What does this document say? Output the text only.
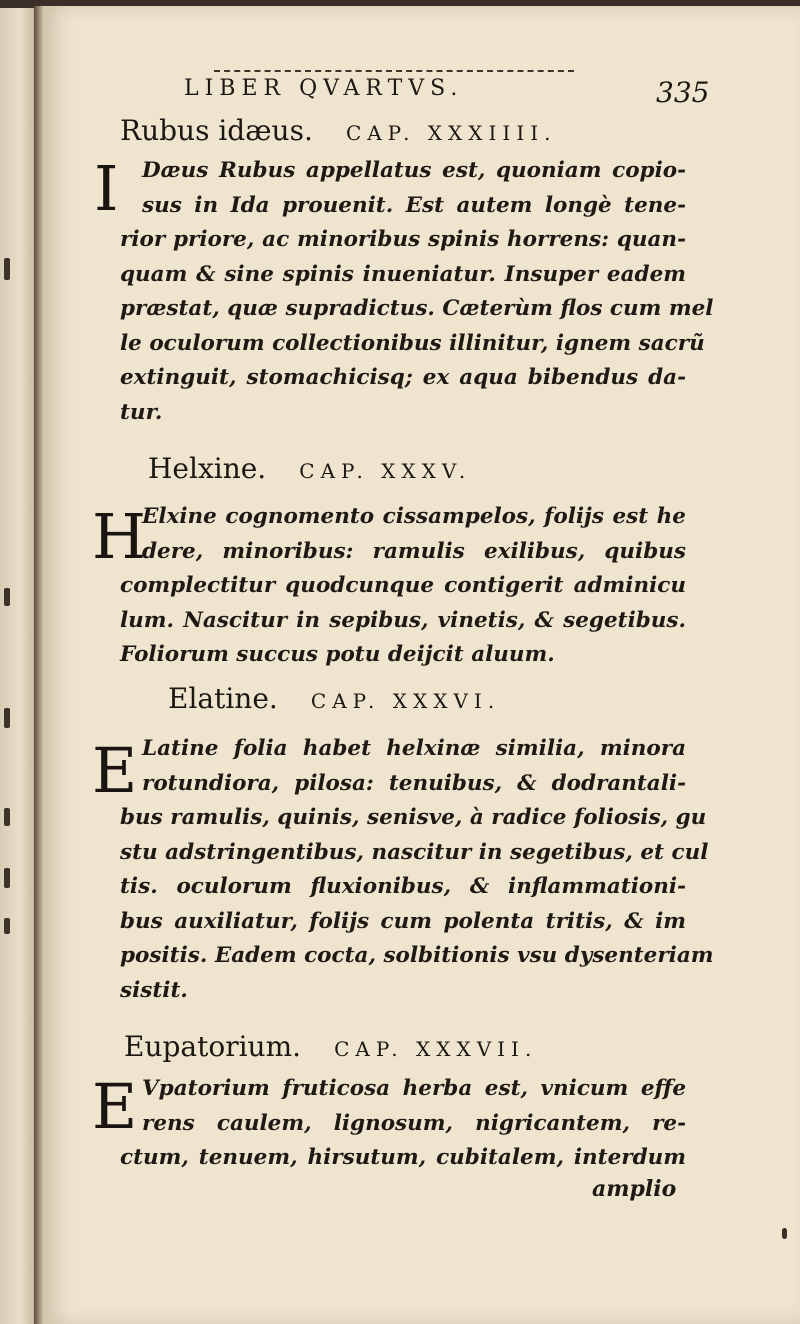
LIBER QVARTVS.	335
Rubus idæus. CAP. XXXIIII.
I	Dæus Rubus appellatus est, quoniam copio-
sus in Ida prouenit. Est autem longè tene-
rior priore, ac minoribus spinis horrens: quan-
quam & sine spinis inueniatur. Insuper eadem
præstat, quæ supradictus. Cæterùm flos cum mel
le oculorum collectionibus illinitur, ignem sacrũ
extinguit, stomachicisq; ex aqua bibendus da-
tur.
Helxine. CAP. XXXV.
H
Elxine cognomento cissampelos, folijs est he
dere, minoribus: ramulis exilibus, quibus
complectitur quodcunque contigerit adminicu
lum. Nascitur in sepibus, vinetis, & segetibus.
Foliorum succus potu deijcit aluum.
Elatine. CAP. XXXVI.
E Latine folia habet helxinæ similia, minora
rotundiora, pilosa: tenuibus, & dodrantali-
bus ramulis, quinis, senisve, à radice foliosis, gu
stu adstringentibus, nascitur in segetibus, et cul
tis. oculorum fluxionibus, & inflammationi-
bus auxiliatur, folijs cum polenta tritis, & im
positis. Eadem cocta, solbitionis vsu dysenteriam
sistit.
Eupatorium. CAP. XXXVII.
E Vpatorium fruticosa herba est, vnicum effe
rens caulem, lignosum, nigricantem, re-
ctum, tenuem, hirsutum, cubitalem, interdum
amplio
